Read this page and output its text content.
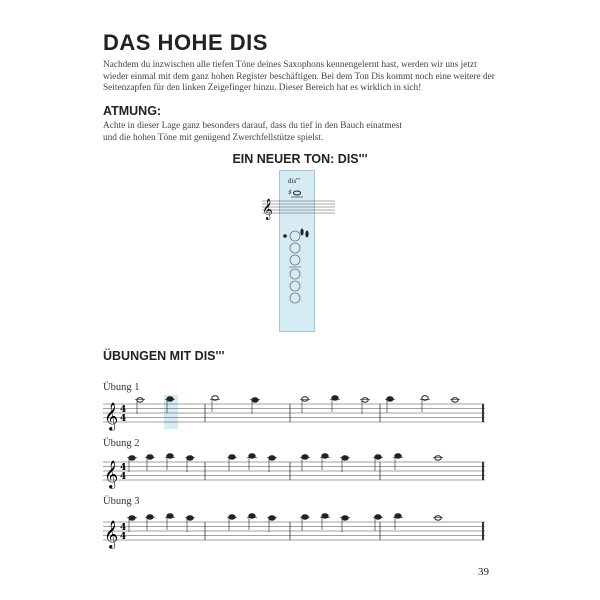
DAS HOHE DIS
Nachdem du inzwischen alle tiefen Töne deines Saxophons kennengelernt hast, werden wir uns jetzt wieder einmal mit dem ganz hohen Register beschäftigen. Bei dem Ton Dis kommt noch eine weitere der Seitenzapfen für den linken Zeigefinger hinzu. Dieser Bereich hat es wirklich in sich!
ATMUNG:
Achte in dieser Lage ganz besonders darauf, dass du tief in den Bauch einatmest und die hohen Töne mit genügend Zwerchfellstütze spielst.
EIN NEUER TON: DIS'''
dis'''
𝄞
♯
ÜBUNGEN MIT DIS'''
Übung 1
Übung 2
Übung 3
𝄞 4
4
𝄞 4
4
𝄞 4
4
39
